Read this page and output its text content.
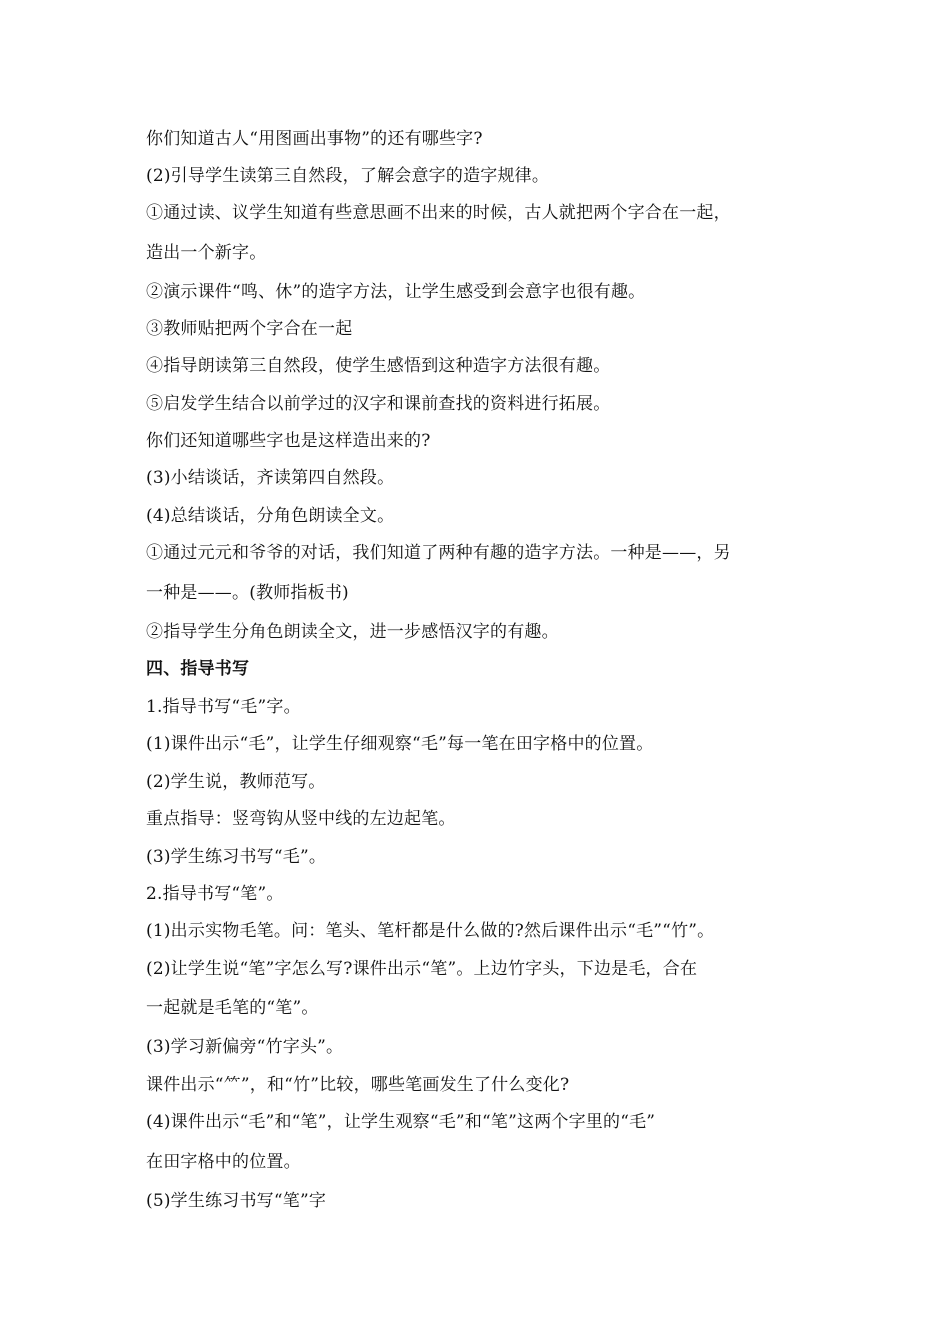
你们知道古人“用图画出事物”的还有哪些字?
(2)引导学生读第三自然段，了解会意字的造字规律。
①通过读、议学生知道有些意思画不出来的时候，古人就把两个字合在一起，
造出一个新字。
②演示课件“鸣、休”的造字方法，让学生感受到会意字也很有趣。
③教师贴把两个字合在一起
④指导朗读第三自然段，使学生感悟到这种造字方法很有趣。
⑤启发学生结合以前学过的汉字和课前查找的资料进行拓展。
你们还知道哪些字也是这样造出来的?
(3)小结谈话，齐读第四自然段。
(4)总结谈话，分角色朗读全文。
①通过元元和爷爷的对话，我们知道了两种有趣的造字方法。一种是——，另
一种是——。(教师指板书)
②指导学生分角色朗读全文，进一步感悟汉字的有趣。
四、指导书写
1.指导书写“毛”字。
(1)课件出示“毛”，让学生仔细观察“毛”每一笔在田字格中的位置。
(2)学生说，教师范写。
重点指导：竖弯钩从竖中线的左边起笔。
(3)学生练习书写“毛”。
2.指导书写“笔”。
(1)出示实物毛笔。问：笔头、笔杆都是什么做的?然后课件出示“毛”“竹”。
(2)让学生说“笔”字怎么写?课件出示“笔”。上边竹字头，下边是毛，合在
一起就是毛笔的“笔”。
(3)学习新偏旁“竹字头”。
课件出示“⺮”，和“竹”比较，哪些笔画发生了什么变化?
(4)课件出示“毛”和“笔”，让学生观察“毛”和“笔”这两个字里的“毛”
在田字格中的位置。
(5)学生练习书写“笔”字
